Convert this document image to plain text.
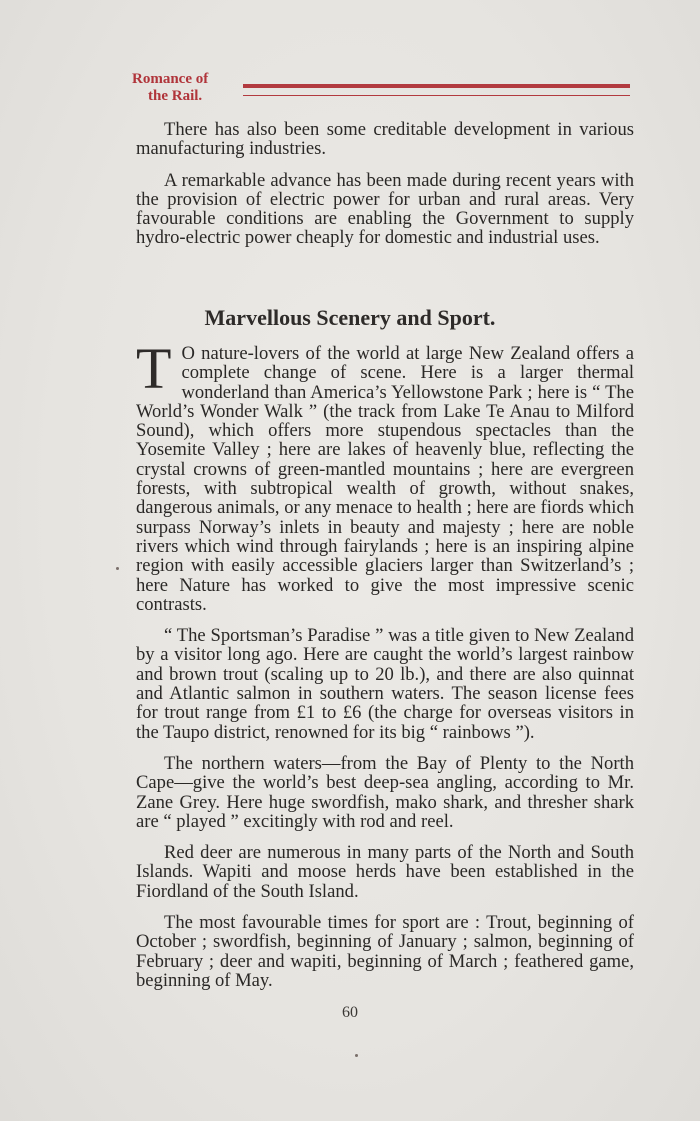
Romance of
the Rail.

There has also been some creditable development in various manufacturing industries.

A remarkable advance has been made during recent years with the provision of electric power for urban and rural areas. Very favourable conditions are enabling the Government to supply hydro-electric power cheaply for domestic and industrial uses.

Marvellous Scenery and Sport.

T O nature-lovers of the world at large New Zealand offers a complete change of scene. Here is a larger thermal wonderland than America’s Yellowstone Park ; here is “ The World’s Wonder Walk ” (the track from Lake Te Anau to Milford Sound), which offers more stupendous spectacles than the Yosemite Valley ; here are lakes of heavenly blue, reflecting the crystal crowns of green-mantled mountains ; here are evergreen forests, with subtropical wealth of growth, without snakes, dangerous animals, or any menace to health ; here are fiords which surpass Norway’s inlets in beauty and majesty ; here are noble rivers which wind through fairylands ; here is an inspiring alpine region with easily accessible glaciers larger than Switzerland’s ; here Nature has worked to give the most impressive scenic contrasts.

“ The Sportsman’s Paradise ” was a title given to New Zealand by a visitor long ago. Here are caught the world’s largest rainbow and brown trout (scaling up to 20 lb.), and there are also quinnat and Atlantic salmon in southern waters. The season license fees for trout range from £1 to £6 (the charge for overseas visitors in the Taupo district, renowned for its big “ rainbows ”).

The northern waters—from the Bay of Plenty to the North Cape—give the world’s best deep-sea angling, according to Mr. Zane Grey. Here huge swordfish, mako shark, and thresher shark are “ played ” excitingly with rod and reel.

Red deer are numerous in many parts of the North and South Islands. Wapiti and moose herds have been established in the Fiordland of the South Island.

The most favourable times for sport are : Trout, beginning of October ; swordfish, beginning of January ; salmon, beginning of February ; deer and wapiti, beginning of March ; feathered game, beginning of May.

60
